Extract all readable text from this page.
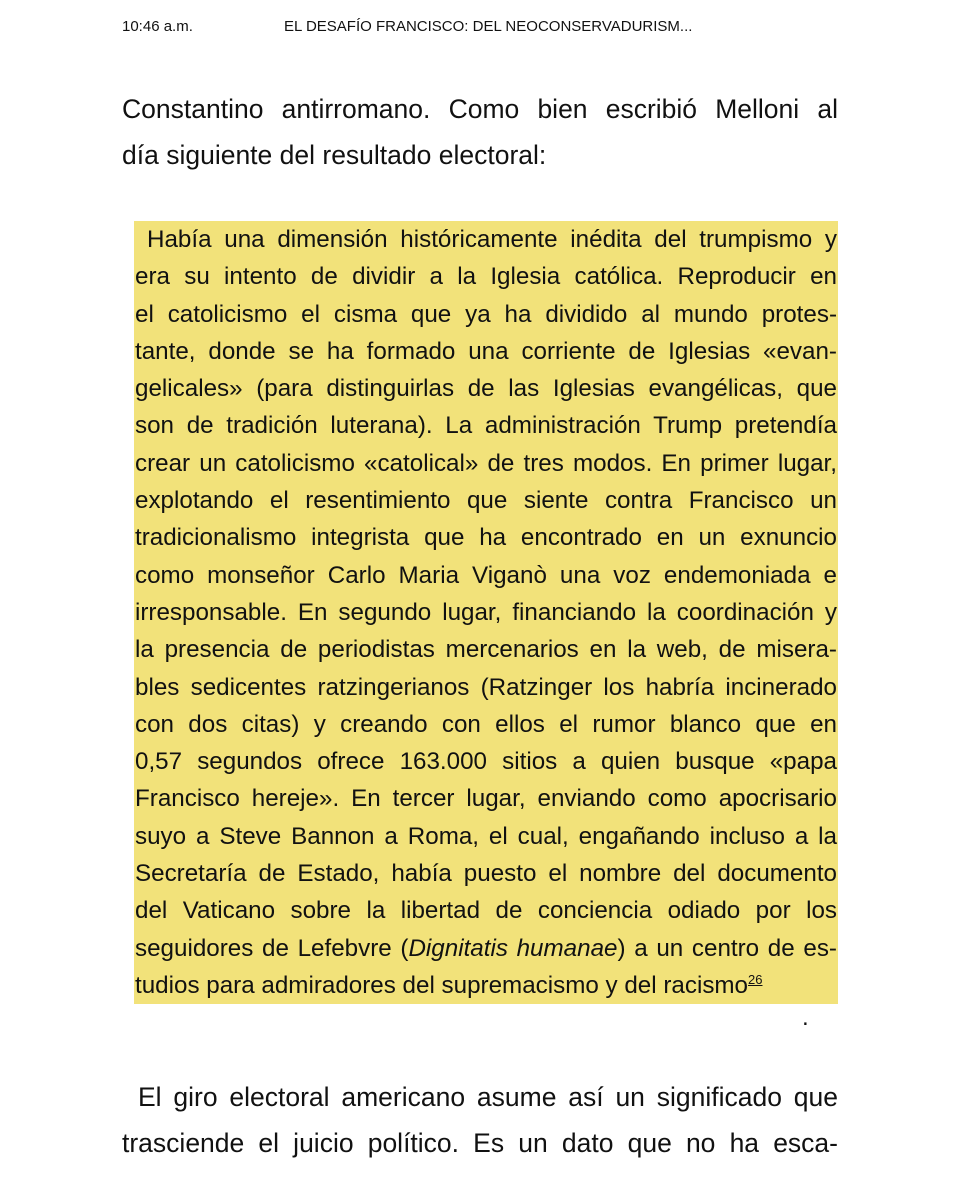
10:46 a.m.	EL DESAFÍO FRANCISCO: DEL NEOCONSERVADURISM...
Constantino antirromano. Como bien escribió Melloni al
día siguiente del resultado electoral:
Había una dimensión históricamente inédita del trumpismo y
era su intento de dividir a la Iglesia católica. Reproducir en
el catolicismo el cisma que ya ha dividido al mundo protes-
tante, donde se ha formado una corriente de Iglesias «evan-
gelicales» (para distinguirlas de las Iglesias evangélicas, que
son de tradición luterana). La administración Trump pretendía
crear un catolicismo «catolical» de tres modos. En primer lugar,
explotando el resentimiento que siente contra Francisco un
tradicionalismo integrista que ha encontrado en un exnuncio
como monseñor Carlo Maria Viganò una voz endemoniada e
irresponsable. En segundo lugar, financiando la coordinación y
la presencia de periodistas mercenarios en la web, de misera-
bles sedicentes ratzingerianos (Ratzinger los habría incinerado
con dos citas) y creando con ellos el rumor blanco que en
0,57 segundos ofrece 163.000 sitios a quien busque «papa
Francisco hereje». En tercer lugar, enviando como apocrisario
suyo a Steve Bannon a Roma, el cual, engañando incluso a la
Secretaría de Estado, había puesto el nombre del documento
del Vaticano sobre la libertad de conciencia odiado por los
seguidores de Lefebvre (Dignitatis humanae) a un centro de es-
tudios para admiradores del supremacismo y del racismo$^{26}$
.
El giro electoral americano asume así un significado que
trasciende el juicio político. Es un dato que no ha esca-
